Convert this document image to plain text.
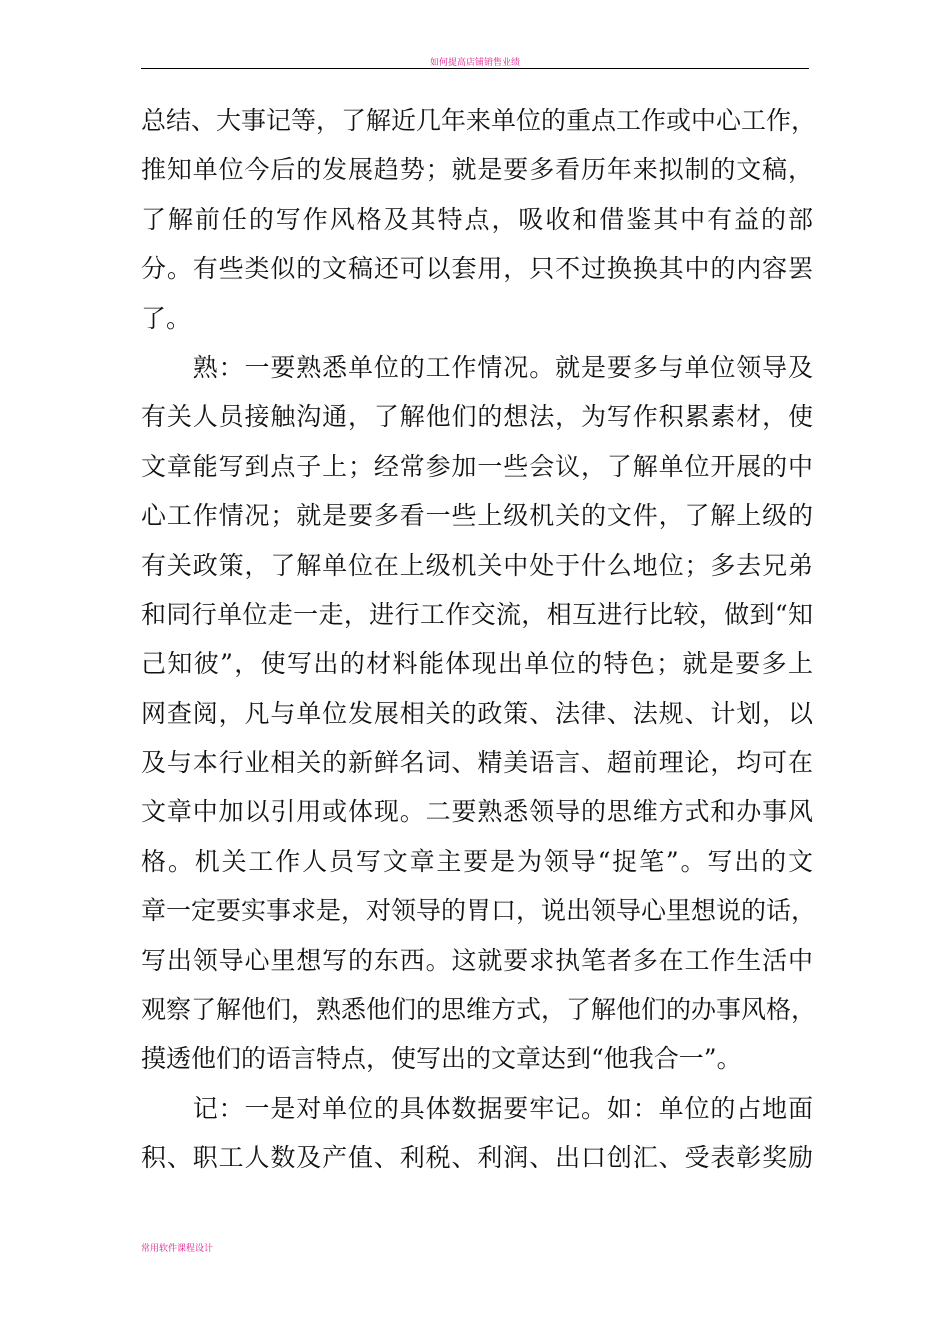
如何提高店铺销售业绩
总结、大事记等，了解近几年来单位的重点工作或中心工作，
推知单位今后的发展趋势；就是要多看历年来拟制的文稿，
了解前任的写作风格及其特点，吸收和借鉴其中有益的部
分。有些类似的文稿还可以套用，只不过换换其中的内容罢
了。
　　熟：一要熟悉单位的工作情况。就是要多与单位领导及
有关人员接触沟通，了解他们的想法，为写作积累素材，使
文章能写到点子上；经常参加一些会议，了解单位开展的中
心工作情况；就是要多看一些上级机关的文件，了解上级的
有关政策，了解单位在上级机关中处于什么地位；多去兄弟
和同行单位走一走，进行工作交流，相互进行比较，做到“知
己知彼”，使写出的材料能体现出单位的特色；就是要多上
网查阅，凡与单位发展相关的政策、法律、法规、计划，以
及与本行业相关的新鲜名词、精美语言、超前理论，均可在
文章中加以引用或体现。二要熟悉领导的思维方式和办事风
格。机关工作人员写文章主要是为领导“捉笔”。写出的文
章一定要实事求是，对领导的胃口，说出领导心里想说的话，
写出领导心里想写的东西。这就要求执笔者多在工作生活中
观察了解他们，熟悉他们的思维方式，了解他们的办事风格，
摸透他们的语言特点，使写出的文章达到“他我合一”。
　　记：一是对单位的具体数据要牢记。如：单位的占地面
积、职工人数及产值、利税、利润、出口创汇、受表彰奖励
常用软件课程设计
